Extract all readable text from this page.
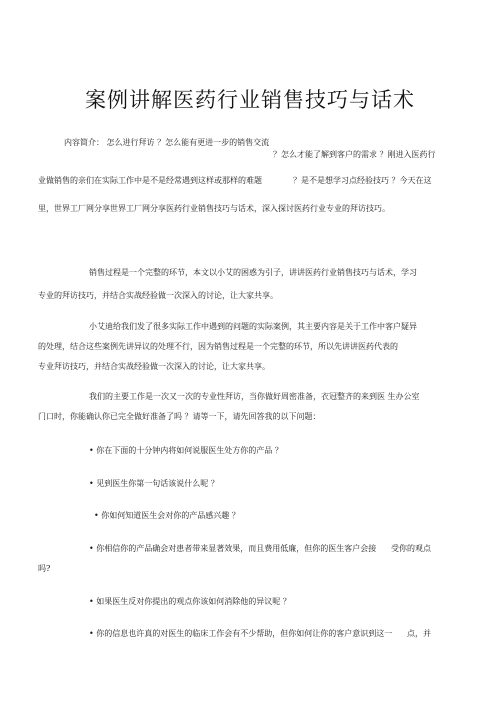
案例讲解医药行业销售技巧与话术
内容简介： 怎么进行拜访 ？怎么能有更进一步的销售交流
？怎么才能了解到客户的需求 ？刚进入医药行
业做销售的亲们在实际工作中是不是经常遇到这样或那样的难题	？是不是想学习点经验技巧 ？今天在这
里，世界工厂网分享世界工厂网分享医药行业销售技巧与话术，深入探讨医药行业专业的拜访技巧。
销售过程是一个完整的环节，本文以小艾的困惑为引子，讲讲医药行业销售技巧与话术，学习
专业的拜访技巧，并结合实战经验做一次深入的讨论，让大家共享。
小艾迪给我们发了很多实际工作中遇到的问题的实际案例，其主要内容是关于工作中客户疑异
的处理，结合这些案例先讲异议的处理不行，因为销售过程是一个完整的环节，所以先讲讲医药代表的
专业拜访技巧，并结合实战经验做一次深入的讨论，让大家共享。
我们的主要工作是一次又一次的专业性拜访，当你做好周密准备，衣冠整齐的来到医 生办公室
门口时，你能确认你已完全做好准备了吗 ？请等一下，请先回答我的以下问题：
• 你在下面的十分钟内将如何说服医生处方你的产品 ？
• 见到医生你第一句话该说什么呢 ？
• 你如何知道医生会对你的产品感兴趣 ？
• 你相信你的产品确会对患者带来显著效果，而且费用低廉，但你的医生客户会接 受你的观点
吗?
• 如果医生反对你提出的观点你该如何消除他的异议呢 ？
• 你的信息也许真的对医生的临床工作会有不少帮助，但你如何让你的客户意识到这一 点，并
